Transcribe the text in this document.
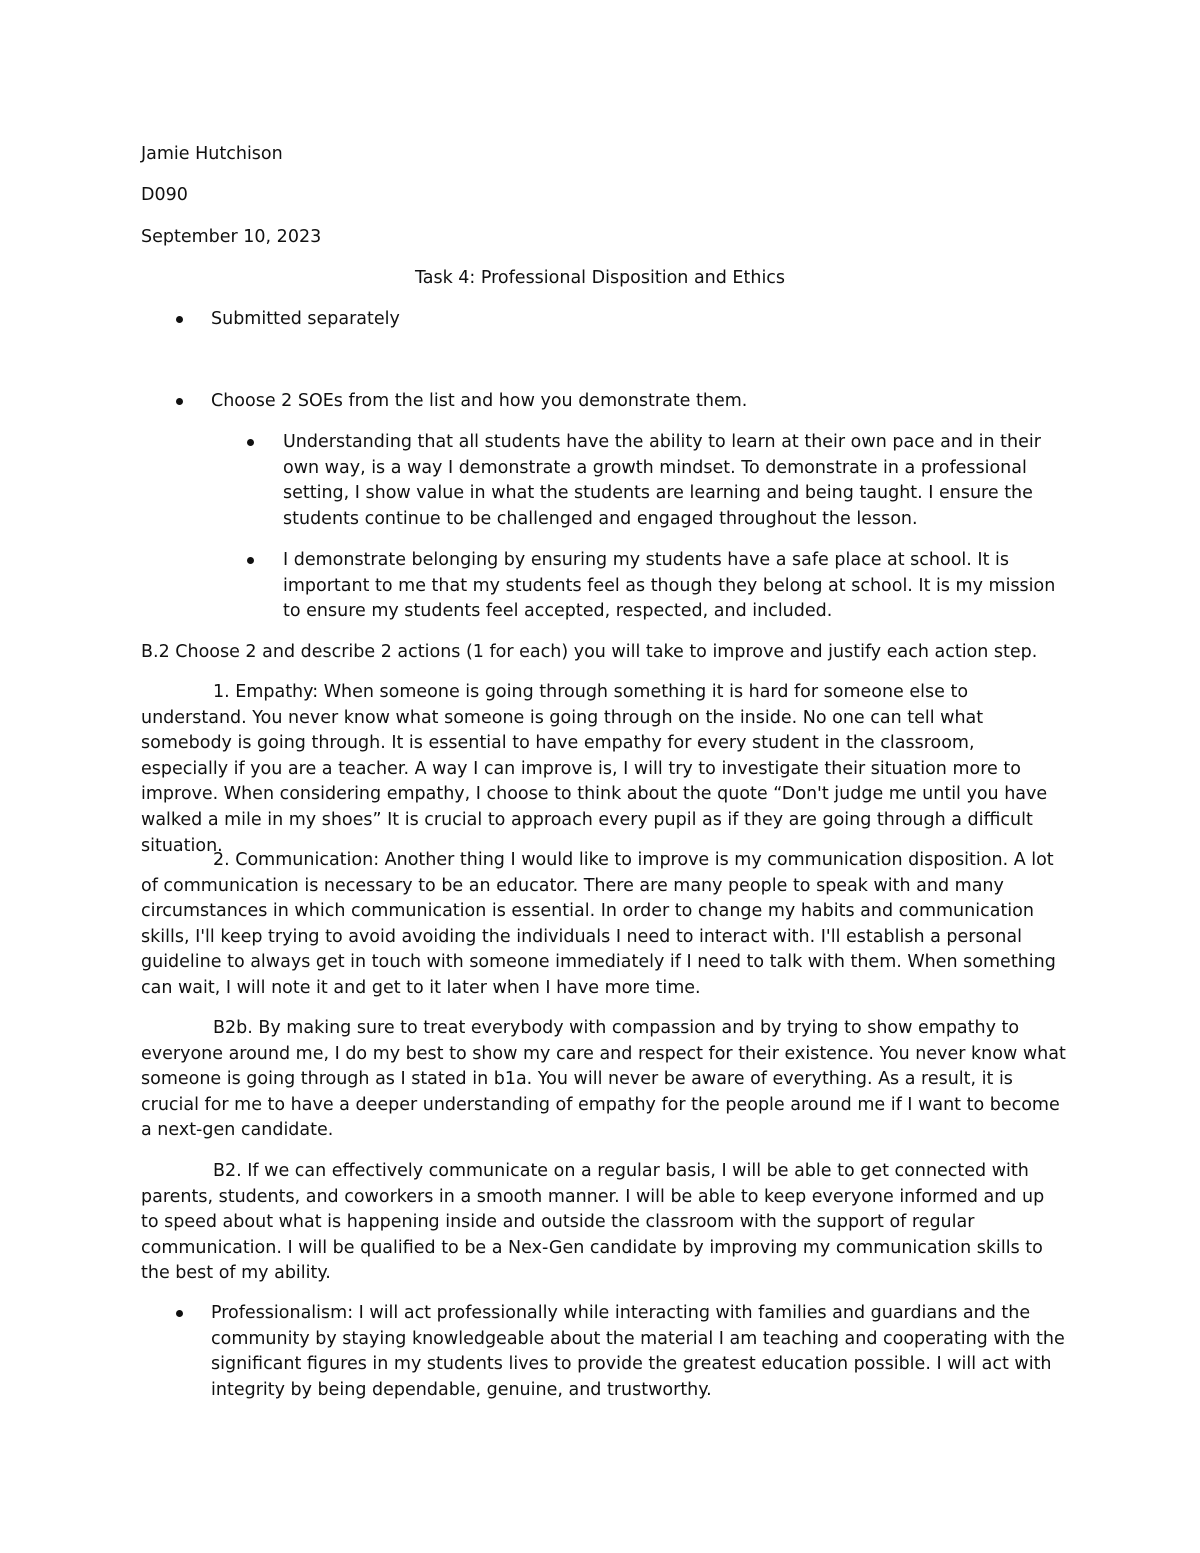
Jamie Hutchison
D090
September 10, 2023
Task 4: Professional Disposition and Ethics
Submitted separately
Choose 2 SOEs from the list and how you demonstrate them.

Understanding that all students have the ability to learn at their own pace and in their own way, is a way I demonstrate a growth mindset. To demonstrate in a professional setting, I show value in what the students are learning and being taught. I ensure the students continue to be challenged and engaged throughout the lesson.

I demonstrate belonging by ensuring my students have a safe place at school. It is important to me that my students feel as though they belong at school. It is my mission to ensure my students feel accepted, respected, and included.

B.2 Choose 2 and describe 2 actions (1 for each) you will take to improve and justify each action step.

1. Empathy: When someone is going through something it is hard for someone else to understand. You never know what someone is going through on the inside. No one can tell what somebody is going through. It is essential to have empathy for every student in the classroom, especially if you are a teacher. A way I can improve is, I will try to investigate their situation more to improve. When considering empathy, I choose to think about the quote “Don't judge me until you have walked a mile in my shoes” It is crucial to approach every pupil as if they are going through a difficult situation.

2. Communication: Another thing I would like to improve is my communication disposition. A lot of communication is necessary to be an educator. There are many people to speak with and many circumstances in which communication is essential. In order to change my habits and communication skills, I'll keep trying to avoid avoiding the individuals I need to interact with. I'll establish a personal guideline to always get in touch with someone immediately if I need to talk with them. When something can wait, I will note it and get to it later when I have more time.

B2b. By making sure to treat everybody with compassion and by trying to show empathy to everyone around me, I do my best to show my care and respect for their existence. You never know what someone is going through as I stated in b1a. You will never be aware of everything. As a result, it is crucial for me to have a deeper understanding of empathy for the people around me if I want to become a next-gen candidate.

B2. If we can effectively communicate on a regular basis, I will be able to get connected with parents, students, and coworkers in a smooth manner. I will be able to keep everyone informed and up to speed about what is happening inside and outside the classroom with the support of regular communication. I will be qualified to be a Nex-Gen candidate by improving my communication skills to the best of my ability.

Professionalism: I will act professionally while interacting with families and guardians and the community by staying knowledgeable about the material I am teaching and cooperating with the significant figures in my students lives to provide the greatest education possible. I will act with integrity by being dependable, genuine, and trustworthy.
